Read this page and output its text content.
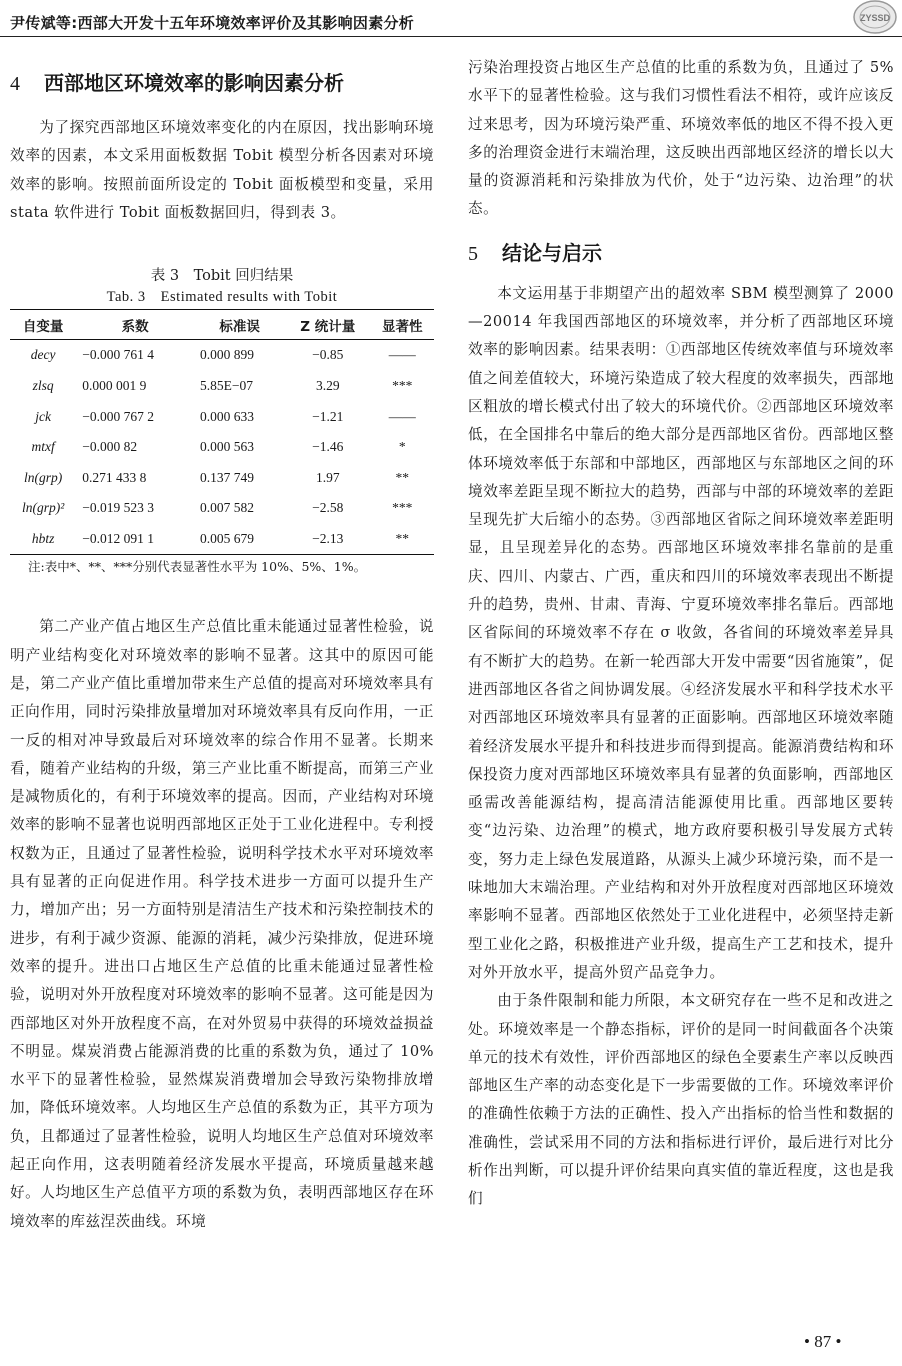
尹传斌等:西部大开发十五年环境效率评价及其影响因素分析	ZYSSD
4 西部地区环境效率的影响因素分析

为了探究西部地区环境效率变化的内在原因，找出影响环境效率的因素，本文采用面板数据 Tobit 模型分析各因素对环境效率的影响。按照前面所设定的 Tobit 面板模型和变量，采用 stata 软件进行 Tobit 面板数据回归，得到表 3。

表 3　Tobit 回归结果

Tab. 3　Estimated results with Tobit

自变量	系数	标准误	Z 统计量	显著性
decy	−0.000 761 4	0.000 899	−0.85	——
zlsq	0.000 001 9	5.85E−07	3.29	***
jck	−0.000 767 2	0.000 633	−1.21	——
mtxf	−0.000 82	0.000 563	−1.46	*
ln(grp)	0.271 433 8	0.137 749	1.97	**
ln(grp)²	−0.019 523 3	0.007 582	−2.58	***
hbtz	−0.012 091 1	0.005 679	−2.13	**

注:表中*、**、***分别代表显著性水平为 10%、5%、1%。

第二产业产值占地区生产总值比重未能通过显著性检验，说明产业结构变化对环境效率的影响不显著。这其中的原因可能是，第二产业产值比重增加带来生产总值的提高对环境效率具有正向作用，同时污染排放量增加对环境效率具有反向作用，一正一反的相对冲导致最后对环境效率的综合作用不显著。长期来看，随着产业结构的升级，第三产业比重不断提高，而第三产业是减物质化的，有利于环境效率的提高。因而，产业结构对环境效率的影响不显著也说明西部地区正处于工业化进程中。专利授权数为正，且通过了显著性检验，说明科学技术水平对环境效率具有显著的正向促进作用。科学技术进步一方面可以提升生产力，增加产出；另一方面特别是清洁生产技术和污染控制技术的进步，有利于减少资源、能源的消耗，减少污染排放，促进环境效率的提升。进出口占地区生产总值的比重未能通过显著性检验，说明对外开放程度对环境效率的影响不显著。这可能是因为西部地区对外开放程度不高，在对外贸易中获得的环境效益损益不明显。煤炭消费占能源消费的比重的系数为负，通过了 10% 水平下的显著性检验，显然煤炭消费增加会导致污染物排放增加，降低环境效率。人均地区生产总值的系数为正，其平方项为负，且都通过了显著性检验，说明人均地区生产总值对环境效率起正向作用，这表明随着经济发展水平提高，环境质量越来越好。人均地区生产总值平方项的系数为负，表明西部地区存在环境效率的库兹涅茨曲线。环境

污染治理投资占地区生产总值的比重的系数为负，且通过了 5% 水平下的显著性检验。这与我们习惯性看法不相符，或许应该反过来思考，因为环境污染严重、环境效率低的地区不得不投入更多的治理资金进行末端治理，这反映出西部地区经济的增长以大量的资源消耗和污染排放为代价，处于“边污染、边治理”的状态。

5 结论与启示

本文运用基于非期望产出的超效率 SBM 模型测算了 2000—20014 年我国西部地区的环境效率，并分析了西部地区环境效率的影响因素。结果表明：①西部地区传统效率值与环境效率值之间差值较大，环境污染造成了较大程度的效率损失，西部地区粗放的增长模式付出了较大的环境代价。②西部地区环境效率低，在全国排名中靠后的绝大部分是西部地区省份。西部地区整体环境效率低于东部和中部地区，西部地区与东部地区之间的环境效率差距呈现不断拉大的趋势，西部与中部的环境效率的差距呈现先扩大后缩小的态势。③西部地区省际之间环境效率差距明显，且呈现差异化的态势。西部地区环境效率排名靠前的是重庆、四川、内蒙古、广西，重庆和四川的环境效率表现出不断提升的趋势，贵州、甘肃、青海、宁夏环境效率排名靠后。西部地区省际间的环境效率不存在 σ 收敛，各省间的环境效率差异具有不断扩大的趋势。在新一轮西部大开发中需要“因省施策”，促进西部地区各省之间协调发展。④经济发展水平和科学技术水平对西部地区环境效率具有显著的正面影响。西部地区环境效率随着经济发展水平提升和科技进步而得到提高。能源消费结构和环保投资力度对西部地区环境效率具有显著的负面影响，西部地区亟需改善能源结构，提高清洁能源使用比重。西部地区要转变“边污染、边治理”的模式，地方政府要积极引导发展方式转变，努力走上绿色发展道路，从源头上减少环境污染，而不是一味地加大末端治理。产业结构和对外开放程度对西部地区环境效率影响不显著。西部地区依然处于工业化进程中，必须坚持走新型工业化之路，积极推进产业升级，提高生产工艺和技术，提升对外开放水平，提高外贸产品竞争力。

由于条件限制和能力所限，本文研究存在一些不足和改进之处。环境效率是一个静态指标，评价的是同一时间截面各个决策单元的技术有效性，评价西部地区的绿色全要素生产率以反映西部地区生产率的动态变化是下一步需要做的工作。环境效率评价的准确性依赖于方法的正确性、投入产出指标的恰当性和数据的准确性，尝试采用不同的方法和指标进行评价，最后进行对比分析作出判断，可以提升评价结果向真实值的靠近程度，这也是我们

• 87 •
